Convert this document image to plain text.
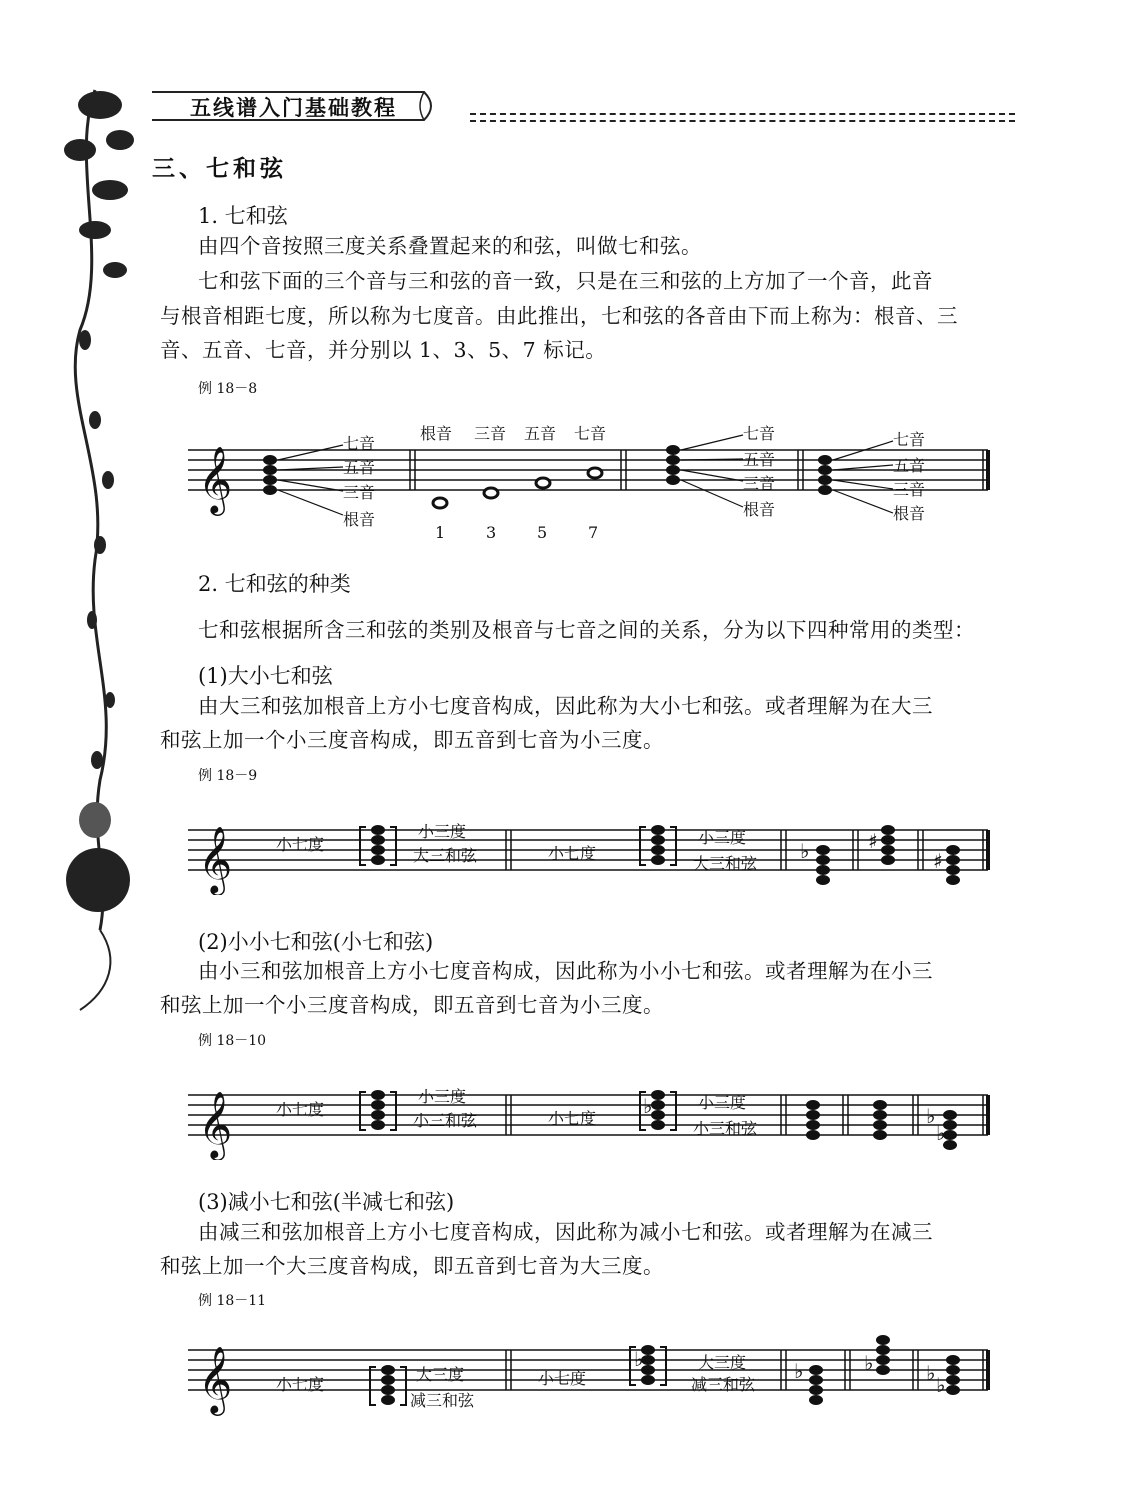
五线谱入门基础教程
三、七和弦
1. 七和弦
由四个音按照三度关系叠置起来的和弦，叫做七和弦。
七和弦下面的三个音与三和弦的音一致，只是在三和弦的上方加了一个音，此音
与根音相距七度，所以称为七度音。由此推出，七和弦的各音由下而上称为：根音、三
音、五音、七音，并分别以 1、3、5、7 标记。
例 18－8
𝄞
七音
五音
三音
根音
根音 三音 五音 七音	七音
五音
三音
根音
七音
五音
三音
根音
1	3	5	7
2. 七和弦的种类
七和弦根据所含三和弦的类别及根音与七音之间的关系，分为以下四种常用的类型：
(1)大小七和弦
由大三和弦加根音上方小七度音构成，因此称为大小七和弦。或者理解为在大三
和弦上加一个小三度音构成，即五音到七音为小三度。
例 18－9
𝄞	♭	♯
♯
小七度
小三度
大三和弦	小七度
小三度
大三和弦
(2)小小七和弦(小七和弦)
由小三和弦加根音上方小七度音构成，因此称为小小七和弦。或者理解为在小三
和弦上加一个小三度音构成，即五音到七音为小三度。
例 18－10
𝄞	♭	♭
♭
小七度
小三度
小三和弦	小七度
小三度
小三和弦
(3)减小七和弦(半减七和弦)
由减三和弦加根音上方小七度音构成，因此称为减小七和弦。或者理解为在减三
和弦上加一个大三度音构成，即五音到七音为大三度。
例 18－11
𝄞	♭	♭	♭	♭ ♭
小七度
大三度
减三和弦
小七度
大三度
减三和弦
